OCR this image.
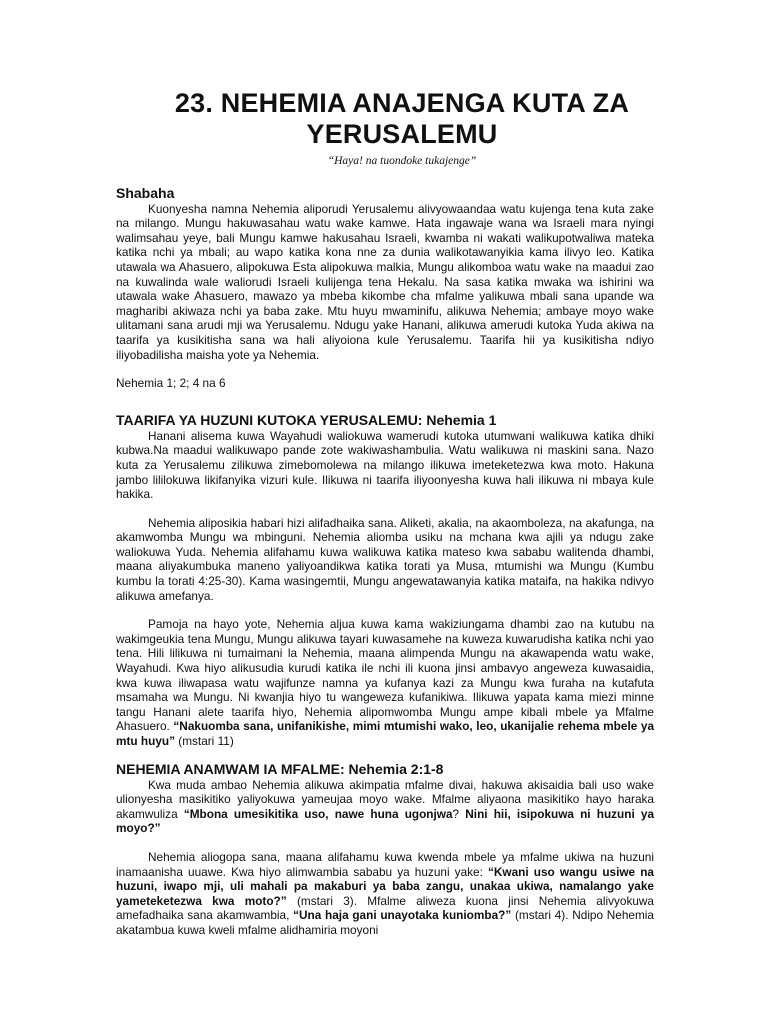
23. NEHEMIA ANAJENGA KUTA ZA
YERUSALEMU
“Haya! na tuondoke tukajenge”
Shabaha

Kuonyesha namna Nehemia aliporudi Yerusalemu alivyowaandaa watu kujenga tena kuta zake na milango. Mungu hakuwasahau watu wake kamwe. Hata ingawaje wana wa Israeli mara nyingi walimsahau yeye, bali Mungu kamwe hakusahau Israeli, kwamba ni wakati walikupotwaliwa mateka katika nchi ya mbali; au wapo katika kona nne za dunia walikotawanyikia kama ilivyo leo. Katika utawala wa Ahasuero, alipokuwa Esta alipokuwa malkia, Mungu alikomboa watu wake na maadui zao na kuwalinda wale waliorudi Israeli kulijenga tena Hekalu. Na sasa katika mwaka wa ishirini wa utawala wake Ahasuero, mawazo ya mbeba kikombe cha mfalme yalikuwa mbali sana upande wa magharibi akiwaza nchi ya baba zake. Mtu huyu mwaminifu, alikuwa Nehemia; ambaye moyo wake ulitamani sana arudi mji wa Yerusalemu. Ndugu yake Hanani, alikuwa amerudi kutoka Yuda akiwa na taarifa ya kusikitisha sana wa hali aliyoiona kule Yerusalemu. Taarifa hii ya kusikitisha ndiyo iliyobadilisha maisha yote ya Nehemia.

Nehemia 1; 2; 4 na 6

TAARIFA YA HUZUNI KUTOKA YERUSALEMU: Nehemia 1

Hanani alisema kuwa Wayahudi waliokuwa wamerudi kutoka utumwani walikuwa katika dhiki kubwa.Na maadui walikuwapo pande zote wakiwashambulia. Watu walikuwa ni maskini sana. Nazo kuta za Yerusalemu zilikuwa zimebomolewa na milango ilikuwa imeteketezwa kwa moto. Hakuna jambo lililokuwa likifanyika vizuri kule. Ilikuwa ni taarifa iliyoonyesha kuwa hali ilikuwa ni mbaya kule hakika.

Nehemia aliposikia habari hizi alifadhaika sana. Aliketi, akalia, na akaomboleza, na akafunga, na akamwomba Mungu wa mbinguni. Nehemia aliomba usiku na mchana kwa ajili ya ndugu zake waliokuwa Yuda. Nehemia alifahamu kuwa walikuwa katika mateso kwa sababu walitenda dhambi, maana aliyakumbuka maneno yaliyoandikwa katika torati ya Musa, mtumishi wa Mungu (Kumbu kumbu la torati 4:25-30). Kama wasingemtii, Mungu angewatawanyia katika mataifa, na hakika ndivyo alikuwa amefanya.

Pamoja na hayo yote, Nehemia aljua kuwa kama wakiziungama dhambi zao na kutubu na wakimgeukia tena Mungu, Mungu alikuwa tayari kuwasamehe na kuweza kuwarudisha katika nchi yao tena. Hili lilikuwa ni tumaimani la Nehemia, maana alimpenda Mungu na akawapenda watu wake, Wayahudi. Kwa hiyo alikusudia kurudi katika ile nchi ili kuona jinsi ambavyo angeweza kuwasaidia, kwa kuwa iliwapasa watu wajifunze namna ya kufanya kazi za Mungu kwa furaha na kutafuta msamaha wa Mungu. Ni kwanjia hiyo tu wangeweza kufanikiwa. Ilikuwa yapata kama miezi minne tangu Hanani alete taarifa hiyo, Nehemia alipomwomba Mungu ampe kibali mbele ya Mfalme Ahasuero. “Nakuomba sana, unifanikishe, mimi mtumishi wako, leo, ukanijalie rehema mbele ya mtu huyu” (mstari 11)

NEHEMIA ANAMWAM IA MFALME: Nehemia 2:1-8

Kwa muda ambao Nehemia alikuwa akimpatia mfalme divai, hakuwa akisaidia bali uso wake ulionyesha masikitiko yaliyokuwa yameujaa moyo wake. Mfalme aliyaona masikitiko hayo haraka akamwuliza “Mbona umesikitika uso, nawe huna ugonjwa? Nini hii, isipokuwa ni huzuni ya moyo?”

Nehemia aliogopa sana, maana alifahamu kuwa kwenda mbele ya mfalme ukiwa na huzuni inamaanisha uuawe. Kwa hiyo alimwambia sababu ya huzuni yake: “Kwani uso wangu usiwe na huzuni, iwapo mji, uli mahali pa makaburi ya baba zangu, unakaa ukiwa, namalango yake yameteketezwa kwa moto?” (mstari 3). Mfalme aliweza kuona jinsi Nehemia alivyokuwa amefadhaika sana akamwambia, “Una haja gani unayotaka kuniomba?” (mstari 4). Ndipo Nehemia akatambua kuwa kweli mfalme alidhamiria moyoni
